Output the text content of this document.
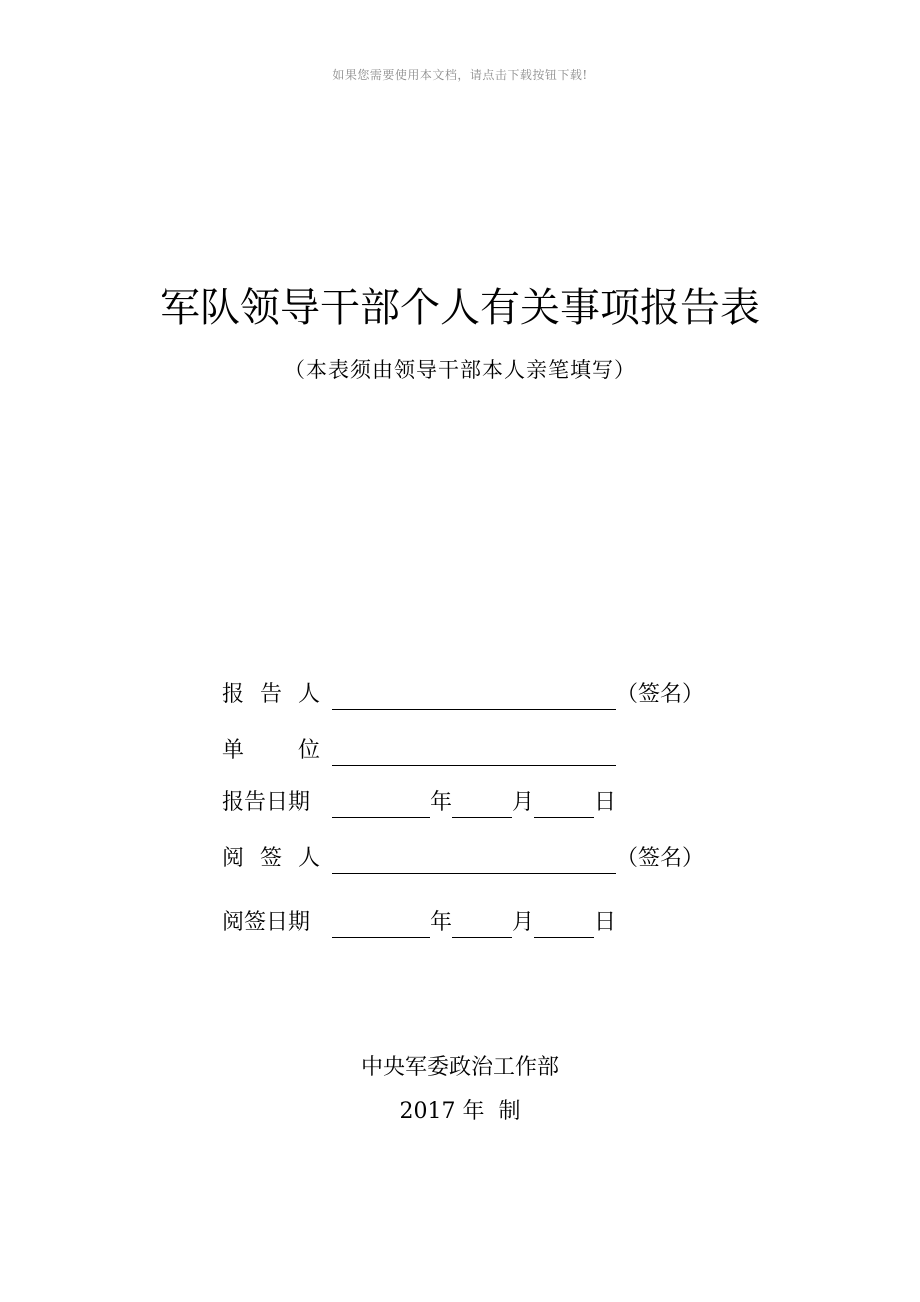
如果您需要使用本文档，请点击下载按钮下载!
军队领导干部个人有关事项报告表
（本表须由领导干部本人亲笔填写）
报 告 人	（签名）
单 位
报告日期	年	月	日
阅 签 人	（签名）
阅签日期	年	月	日
中央军委政治工作部
2017 年  制
